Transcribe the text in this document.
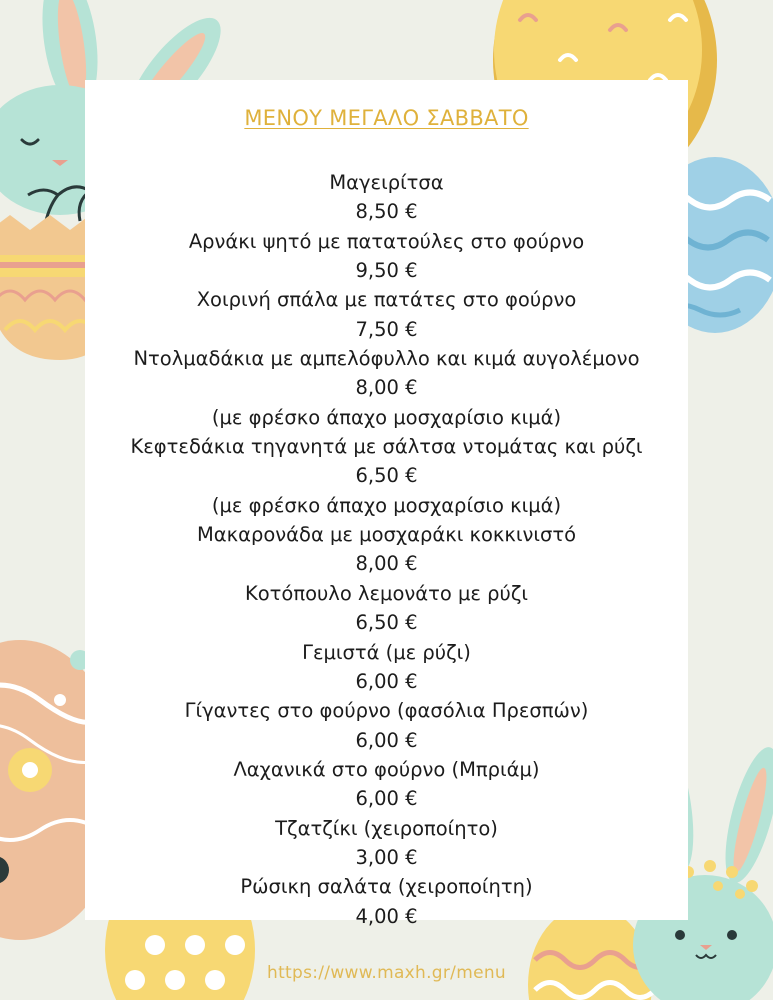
ΜΕΝΟΥ ΜΕΓΑΛΟ ΣΑΒΒΑΤΟ
Μαγειρίτσα
8,50 €
Αρνάκι ψητό με πατατούλες στο φούρνο
9,50 €
Χοιρινή σπάλα με πατάτες στο φούρνο
7,50 €
Ντολμαδάκια με αμπελόφυλλο και κιμά αυγολέμονο
8,00 €
(με φρέσκο άπαχο μοσχαρίσιο κιμά)
Κεφτεδάκια τηγανητά με σάλτσα ντομάτας και ρύζι
6,50 €
(με φρέσκο άπαχο μοσχαρίσιο κιμά)
Μακαρονάδα με μοσχαράκι κοκκινιστό
8,00 €
Κοτόπουλο λεμονάτο με ρύζι
6,50 €
Γεμιστά (με ρύζι)
6,00 €
Γίγαντες στο φούρνο (φασόλια Πρεσπών)
6,00 €
Λαχανικά στο φούρνο (Μπριάμ)
6,00 €
Τζατζίκι (χειροποίητο)
3,00 €
Ρώσικη σαλάτα (χειροποίητη)
4,00 €
https://www.maxh.gr/menu
